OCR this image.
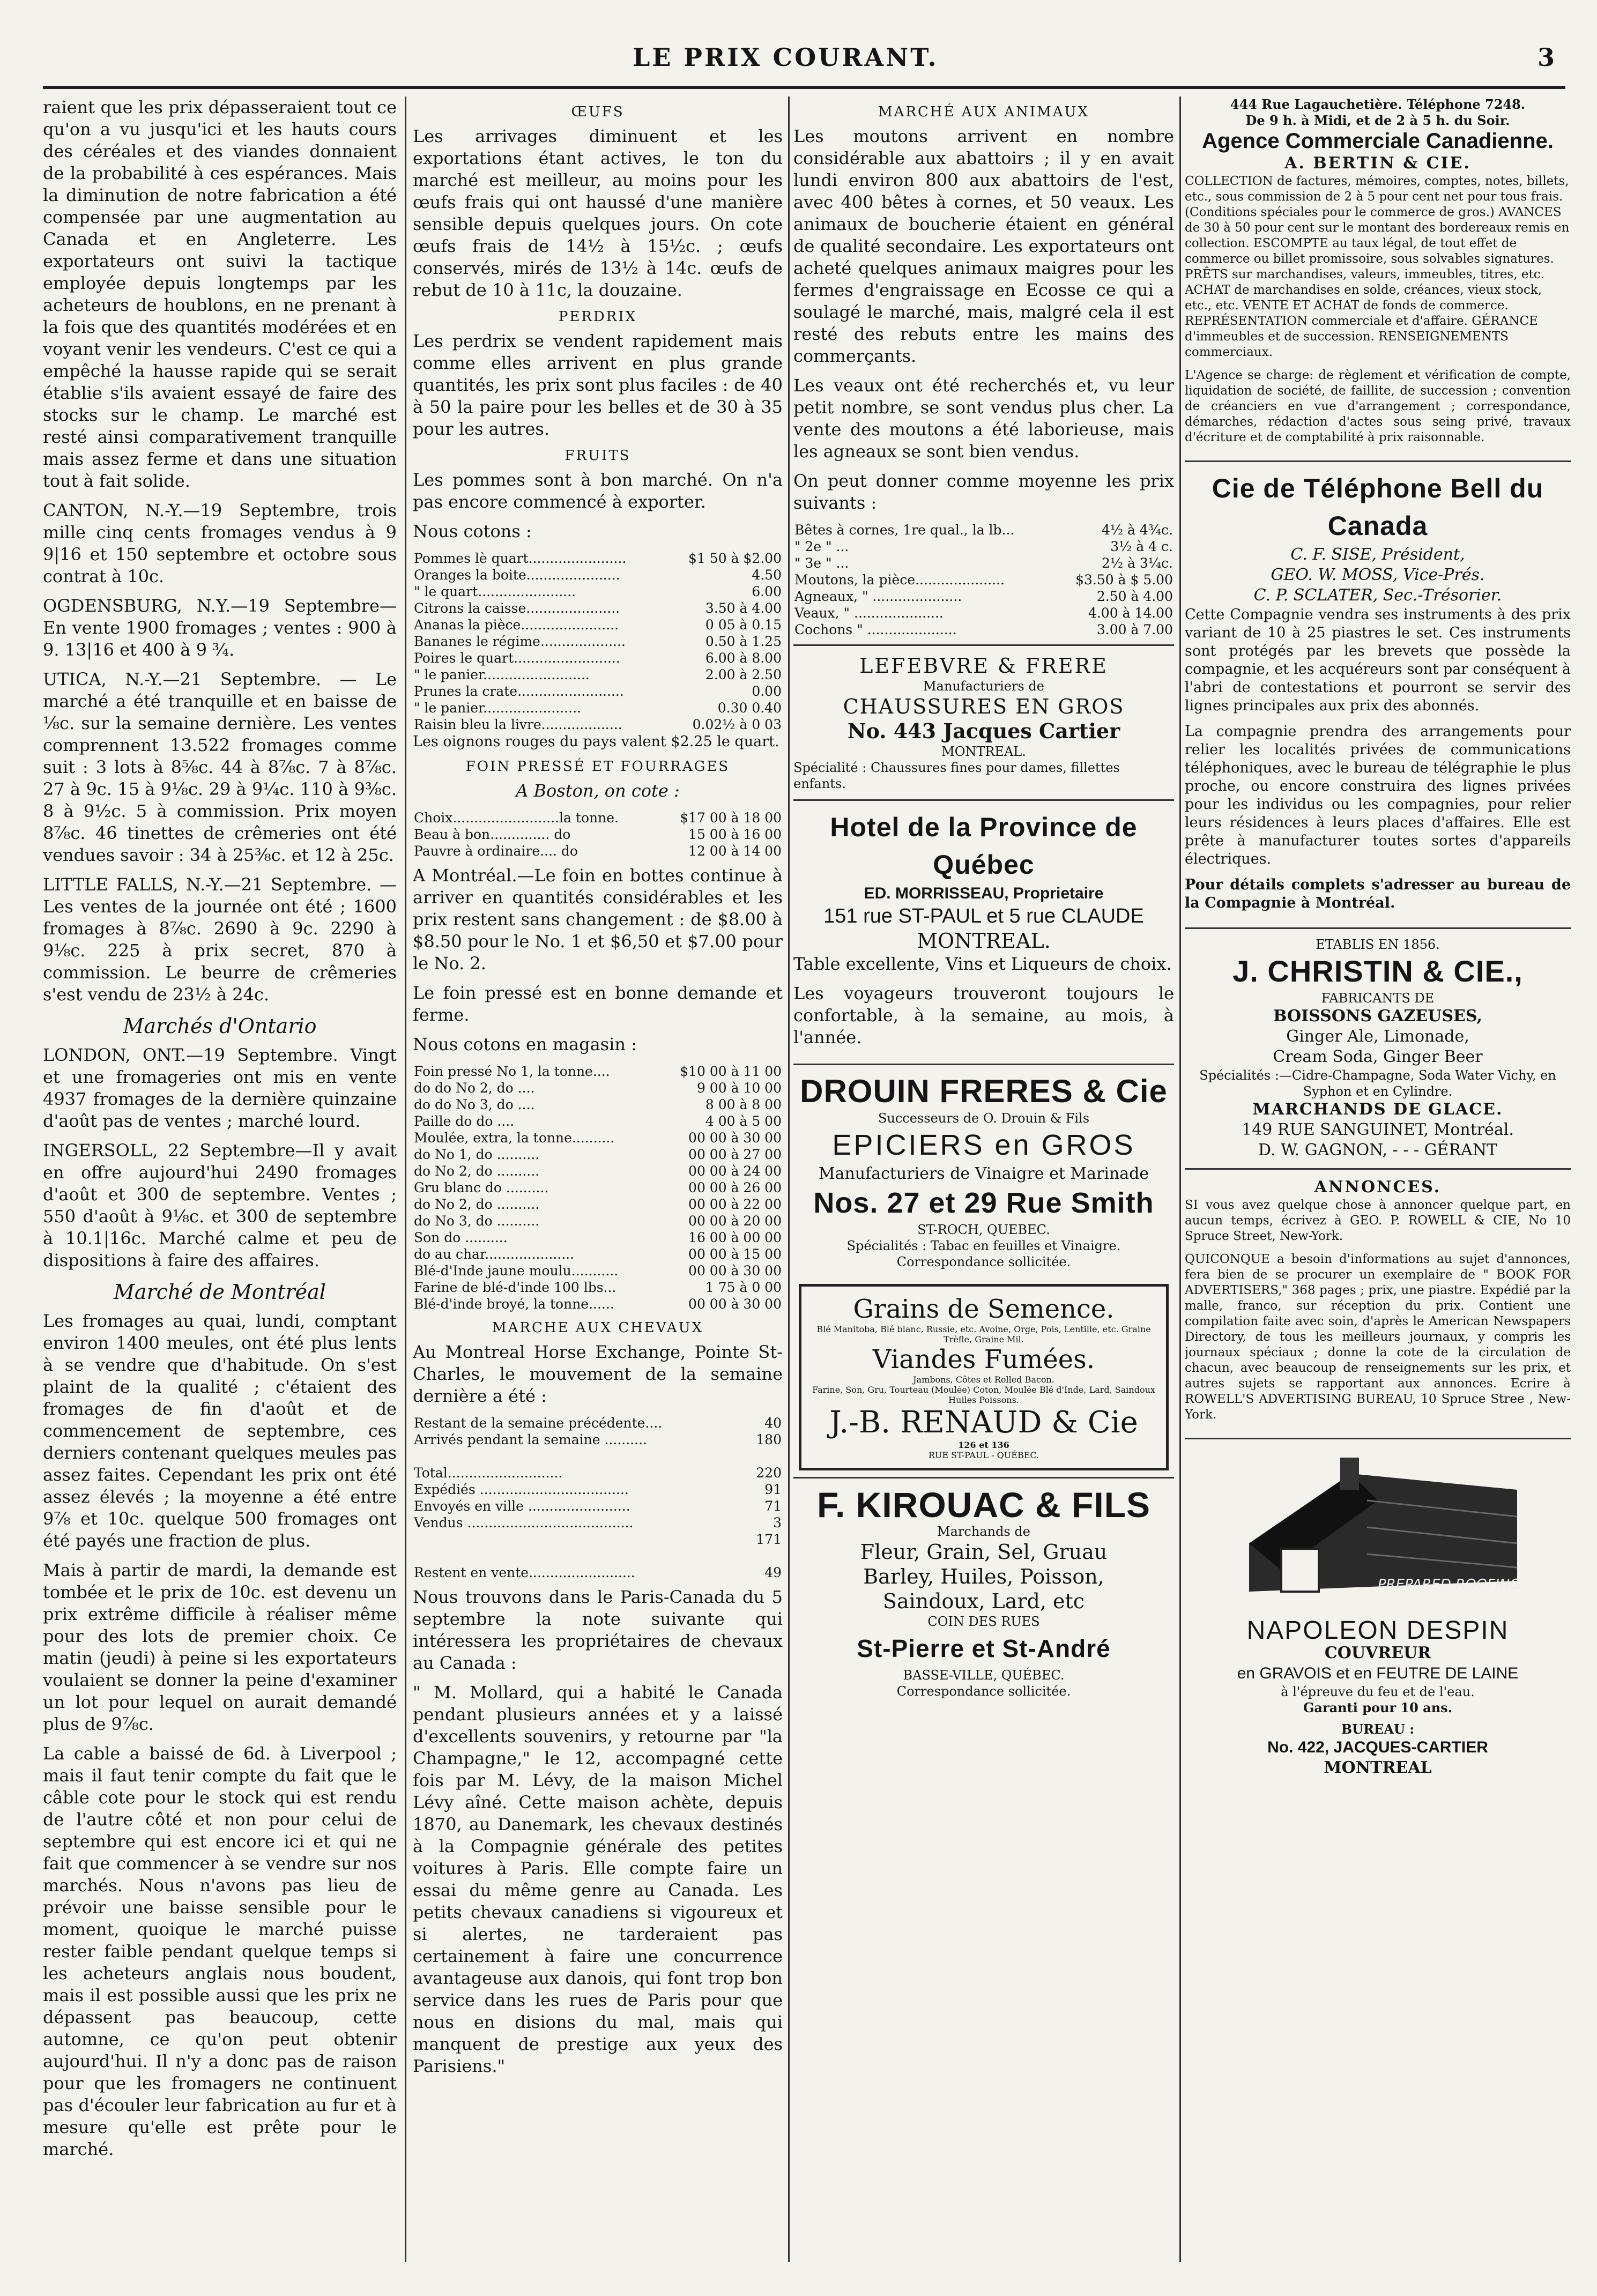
LE PRIX COURANT.	3

raient que les prix dépasseraient tout ce qu'on a vu jusqu'ici et les hauts cours des céréales et des viandes donnaient de la probabilité à ces espérances. Mais la diminution de notre fabrication a été compensée par une augmentation au Canada et en Angleterre. Les exportateurs ont suivi la tactique employée depuis longtemps par les acheteurs de houblons, en ne prenant à la fois que des quantités modérées et en voyant venir les vendeurs. C'est ce qui a empêché la hausse rapide qui se serait établie s'ils avaient essayé de faire des stocks sur le champ. Le marché est resté ainsi comparativement tranquille mais assez ferme et dans une situation tout à fait solide.

CANTON, N.-Y.—19 Septembre, trois mille cinq cents fromages vendus à 9 9|16 et 150 septembre et octobre sous contrat à 10c.

OGDENSBURG, N.Y.—19 Septembre—En vente 1900 fromages ; ventes : 900 à 9. 13|16 et 400 à 9 ¾.

UTICA, N.-Y.—21 Septembre. — Le marché a été tranquille et en baisse de ⅛c. sur la semaine dernière. Les ventes comprennent 13.522 fromages comme suit : 3 lots à 8⅝c. 44 à 8⅞c. 7 à 8⅞c. 27 à 9c. 15 à 9⅛c. 29 à 9¼c. 110 à 9⅜c. 8 à 9½c. 5 à commission. Prix moyen 8⅞c. 46 tinettes de crêmeries ont été vendues savoir : 34 à 25⅜c. et 12 à 25c.

LITTLE FALLS, N.-Y.—21 Septembre. —Les ventes de la journée ont été ; 1600 fromages à 8⅞c. 2690 à 9c. 2290 à 9⅛c. 225 à prix secret, 870 à commission. Le beurre de crêmeries s'est vendu de 23½ à 24c.

Marchés d'Ontario

LONDON, ONT.—19 Septembre. Vingt et une fromageries ont mis en vente 4937 fromages de la dernière quinzaine d'août pas de ventes ; marché lourd.

INGERSOLL, 22 Septembre—Il y avait en offre aujourd'hui 2490 fromages d'août et 300 de septembre. Ventes ; 550 d'août à 9⅛c. et 300 de septembre à 10.1|16c. Marché calme et peu de dispositions à faire des affaires.

Marché de Montréal

Les fromages au quai, lundi, comptant environ 1400 meules, ont été plus lents à se vendre que d'habitude. On s'est plaint de la qualité ; c'étaient des fromages de fin d'août et de commencement de septembre, ces derniers contenant quelques meules pas assez faites. Cependant les prix ont été assez élevés ; la moyenne a été entre 9⅞ et 10c. quelque 500 fromages ont été payés une fraction de plus.

Mais à partir de mardi, la demande est tombée et le prix de 10c. est devenu un prix extrême difficile à réaliser même pour des lots de premier choix. Ce matin (jeudi) à peine si les exportateurs voulaient se donner la peine d'examiner un lot pour lequel on aurait demandé plus de 9⅞c.

La cable a baissé de 6d. à Liverpool ; mais il faut tenir compte du fait que le câble cote pour le stock qui est rendu de l'autre côté et non pour celui de septembre qui est encore ici et qui ne fait que commencer à se vendre sur nos marchés. Nous n'avons pas lieu de prévoir une baisse sensible pour le moment, quoique le marché puisse rester faible pendant quelque temps si les acheteurs anglais nous boudent, mais il est possible aussi que les prix ne dépassent pas beaucoup, cette automne, ce qu'on peut obtenir aujourd'hui. Il n'y a donc pas de raison pour que les fromagers ne continuent pas d'écouler leur fabrication au fur et à mesure qu'elle est prête pour le marché.

ŒUFS

Les arrivages diminuent et les exportations étant actives, le ton du marché est meilleur, au moins pour les œufs frais qui ont haussé d'une manière sensible depuis quelques jours. On cote œufs frais de 14½ à 15½c. ; œufs conservés, mirés de 13½ à 14c. œufs de rebut de 10 à 11c, la douzaine.

PERDRIX

Les perdrix se vendent rapidement mais comme elles arrivent en plus grande quantités, les prix sont plus faciles : de 40 à 50 la paire pour les belles et de 30 à 35 pour les autres.

FRUITS

Les pommes sont à bon marché. On n'a pas encore commencé à exporter.

Nous cotons :

Pommes lè quart.......................	$1 50 à $2.00
Oranges la boite......................	4.50
" le quart.......................	6.00
Citrons la caisse......................	3.50 à 4.00
Ananas la pièce.......................	0 05 à 0.15
Bananes le régime....................	0.50 à 1.25
Poires le quart.........................	6.00 à 8.00
" le panier.........................	2.00 à 2.50
Prunes la crate.........................	0.00
" le panier.......................	0.30 0.40
Raisin bleu la livre...................	0.02½ à 0 03

Les oignons rouges du pays valent $2.25 le quart.

FOIN PRESSÉ ET FOURRAGES

A Boston, on cote :

Choix.........................la tonne.	$17 00 à 18 00
Beau à bon.............. do	15 00 à 16 00
Pauvre à ordinaire.... do	12 00 à 14 00

A Montréal.—Le foin en bottes continue à arriver en quantités considérables et les prix restent sans changement : de $8.00 à $8.50 pour le No. 1 et $6,50 et $7.00 pour le No. 2.

Le foin pressé est en bonne demande et ferme.

Nous cotons en magasin :

Foin pressé No 1, la tonne....	$10 00 à 11 00
do do No 2, do ....	9 00 à 10 00
do do No 3, do ....	8 00 à 8 00
Paille do do ....	4 00 à 5 00
Moulée, extra, la tonne..........	00 00 à 30 00
do No 1, do ..........	00 00 à 27 00
do No 2, do ..........	00 00 à 24 00
Gru blanc do ..........	00 00 à 26 00
do No 2, do ..........	00 00 à 22 00
do No 3, do ..........	00 00 à 20 00
Son do ..........	16 00 à 00 00
do au char.....................	00 00 à 15 00
Blé-d'Inde jaune moulu...........	00 00 à 30 00
Farine de blé-d'inde 100 lbs...	1 75 à 0 00
Blé-d'inde broyé, la tonne......	00 00 à 30 00
MARCHE AUX CHEVAUX

Au Montreal Horse Exchange, Pointe St-Charles, le mouvement de la semaine dernière a été :

Restant de la semaine précédente....	40
Arrivés pendant la semaine ..........	180

Total...........................	220
Expédiés ...................................	91
Envoyés en ville ........................	71
Vendus .......................................	3
	171

Restent en vente.........................	49

Nous trouvons dans le Paris-Canada du 5 septembre la note suivante qui intéressera les propriétaires de chevaux au Canada :

" M. Mollard, qui a habité le Canada pendant plusieurs années et y a laissé d'excellents souvenirs, y retourne par "la Champagne," le 12, accompagné cette fois par M. Lévy, de la maison Michel Lévy aîné. Cette maison achète, depuis 1870, au Danemark, les chevaux destinés à la Compagnie générale des petites voitures à Paris. Elle compte faire un essai du même genre au Canada. Les petits chevaux canadiens si vigoureux et si alertes, ne tarderaient pas certainement à faire une concurrence avantageuse aux danois, qui font trop bon service dans les rues de Paris pour que nous en disions du mal, mais qui manquent de prestige aux yeux des Parisiens."

MARCHÉ AUX ANIMAUX

Les moutons arrivent en nombre considérable aux abattoirs ; il y en avait lundi environ 800 aux abattoirs de l'est, avec 400 bêtes à cornes, et 50 veaux. Les animaux de boucherie étaient en général de qualité secondaire. Les exportateurs ont acheté quelques animaux maigres pour les fermes d'engraissage en Ecosse ce qui a soulagé le marché, mais, malgré cela il est resté des rebuts entre les mains des commerçants.

Les veaux ont été recherchés et, vu leur petit nombre, se sont vendus plus cher. La vente des moutons a été laborieuse, mais les agneaux se sont bien vendus.

On peut donner comme moyenne les prix suivants :

Bêtes à cornes, 1re qual., la lb...	4½ à 4¾c.
" 2e " ...	3½ à 4 c.
" 3e " ...	2½ à 3¼c.
Moutons, la pièce.....................	$3.50 à $ 5.00
Agneaux, " .....................	2.50 à 4.00
Veaux, " .....................	4.00 à 14.00
Cochons " .....................	3.00 à 7.00
LEFEBVRE & FRERE
Manufacturiers de
CHAUSSURES EN GROS
No. 443 Jacques Cartier
MONTREAL.
Spécialité : Chaussures fines pour dames, fillettes enfants.
Hotel de la Province de Québec
ED. MORRISSEAU, Proprietaire
151 rue ST-PAUL et 5 rue CLAUDE
MONTREAL.

Table excellente, Vins et Liqueurs de choix.

Les voyageurs trouveront toujours le confortable, à la semaine, au mois, à l'année.

DROUIN FRERES & Cie
Successeurs de O. Drouin & Fils
EPICIERS en GROS
Manufacturiers de Vinaigre et Marinade
Nos. 27 et 29 Rue Smith
ST-ROCH, QUEBEC.
Spécialités : Tabac en feuilles et Vinaigre. Correspondance sollicitée.
Grains de Semence.
Blé Manitoba, Blé blanc, Russie, etc. Avoine, Orge, Pois, Lentille, etc. Graine Trèfle, Graine Mil.
Viandes Fumées.
Jambons, Côtes et Rolled Bacon.
Farine, Son, Gru, Tourteau (Moulée) Coton, Moulée Blé d'Inde, Lard, Saindoux Huiles Poissons.
J.-B. RENAUD & Cie
126 et 136
RUE ST-PAUL - QUÉBEC.
F. KIROUAC & FILS
Marchands de
Fleur, Grain, Sel, Gruau
Barley, Huiles, Poisson,
Saindoux, Lard, etc
COIN DES RUES
St-Pierre et St-André
BASSE-VILLE, QUÉBEC.
Correspondance sollicitée.
444 Rue Lagauchetière. Téléphone 7248.
De 9 h. à Midi, et de 2 à 5 h. du Soir.
Agence Commerciale Canadienne.
A. BERTIN & CIE.

COLLECTION de factures, mémoires, comptes, notes, billets, etc., sous commission de 2 à 5 pour cent net pour tous frais. (Conditions spéciales pour le commerce de gros.) AVANCES de 30 à 50 pour cent sur le montant des bordereaux remis en collection. ESCOMPTE au taux légal, de tout effet de commerce ou billet promissoire, sous solvables signatures. PRÊTS sur marchandises, valeurs, immeubles, titres, etc. ACHAT de marchandises en solde, créances, vieux stock, etc., etc. VENTE ET ACHAT de fonds de commerce. REPRÉSENTATION commerciale et d'affaire. GÉRANCE d'immeubles et de succession. RENSEIGNEMENTS commerciaux.

L'Agence se charge: de règlement et vérification de compte, liquidation de société, de faillite, de succession ; convention de créanciers en vue d'arrangement ; correspondance, démarches, rédaction d'actes sous seing privé, travaux d'écriture et de comptabilité à prix raisonnable.

Cie de Téléphone Bell du Canada
C. F. SISE, Président,
GEO. W. MOSS, Vice-Prés.
C. P. SCLATER, Sec.-Trésorier.

Cette Compagnie vendra ses instruments à des prix variant de 10 à 25 piastres le set. Ces instruments sont protégés par les brevets que possède la compagnie, et les acquéreurs sont par conséquent à l'abri de contestations et pourront se servir des lignes principales aux prix des abonnés.

La compagnie prendra des arrangements pour relier les localités privées de communications téléphoniques, avec le bureau de télégraphie le plus proche, ou encore construira des lignes privées pour les individus ou les compagnies, pour relier leurs résidences à leurs places d'affaires. Elle est prête à manufacturer toutes sortes d'appareils électriques.

Pour détails complets s'adresser au bureau de la Compagnie à Montréal.

ETABLIS EN 1856.
J. CHRISTIN & CIE.,
FABRICANTS DE
BOISSONS GAZEUSES,
Ginger Ale, Limonade,
Cream Soda, Ginger Beer
Spécialités :—Cidre-Champagne, Soda Water Vichy, en Syphon et en Cylindre.
MARCHANDS DE GLACE.
149 RUE SANGUINET, Montréal.
D. W. GAGNON, - - - GÉRANT
ANNONCES.

SI vous avez quelque chose à annoncer quelque part, en aucun temps, écrivez à GEO. P. ROWELL & CIE, No 10 Spruce Street, New-York.

QUICONQUE a besoin d'informations au sujet d'annonces, fera bien de se procurer un exemplaire de " BOOK FOR ADVERTISERS," 368 pages ; prix, une piastre. Expédié par la malle, franco, sur réception du prix. Contient une compilation faite avec soin, d'après le American Newspapers Directory, de tous les meilleurs journaux, y compris les journaux spéciaux ; donne la cote de la circulation de chacun, avec beaucoup de renseignements sur les prix, et autres sujets se rapportant aux annonces. Ecrire à ROWELL'S ADVERTISING BUREAU, 10 Spruce Stree , New-York.

PREPARED ROOFING
NAPOLEON DESPIN
COUVREUR
en GRAVOIS et en FEUTRE DE LAINE
à l'épreuve du feu et de l'eau.
Garanti pour 10 ans.
BUREAU :
No. 422, JACQUES-CARTIER
MONTREAL
